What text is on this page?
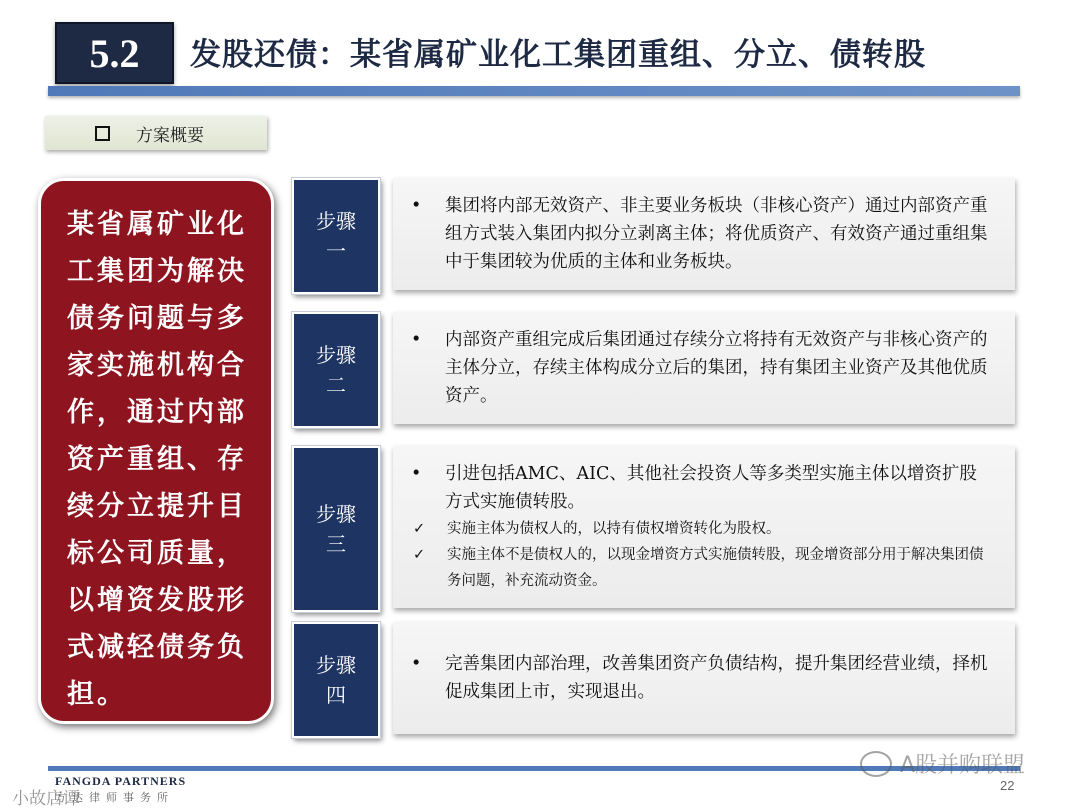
5.2 发股还债：某省属矿业化工集团重组、分立、债转股
方案概要
某省属矿业化工集团为解决债务问题与多家实施机构合作，通过内部资产重组、存续分立提升目标公司质量，以增资发股形式减轻债务负担。
步骤
一
•	集团将内部无效资产、非主要业务板块（非核心资产）通过内部资产重组方式装入集团内拟分立剥离主体；将优质资产、有效资产通过重组集中于集团较为优质的主体和业务板块。
步骤
二
•	内部资产重组完成后集团通过存续分立将持有无效资产与非核心资产的主体分立，存续主体构成分立后的集团，持有集团主业资产及其他优质资产。
步骤
三
•	引进包括AMC、AIC、其他社会投资人等多类型实施主体以增资扩股方式实施债转股。
✓	实施主体为债权人的，以持有债权增资转化为股权。
✓	实施主体不是债权人的，以现金增资方式实施债转股，现金增资部分用于解决集团债务问题，补充流动资金。
步骤
四
•	完善集团内部治理，改善集团资产负债结构，提升集团经营业绩，择机促成集团上市，实现退出。
FANGDA PARTNERS
方达律师事务所
22
A股并购联盟
小故店谭
